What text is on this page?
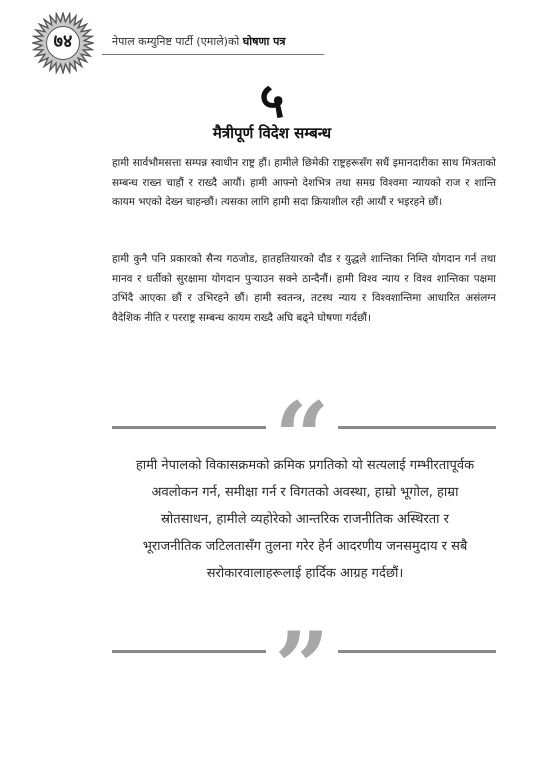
७४	नेपाल कम्युनिष्ट पार्टी (एमाले)को घोषणा पत्र
५
मैत्रीपूर्ण विदेश सम्बन्ध

हामी सार्वभौमसत्ता सम्पन्न स्वाधीन राष्ट्र हौं। हामीले छिमेकी राष्ट्रहरूसँग सधैं इमानदारीका साथ मित्रताको सम्बन्ध राख्न चाहौं र राख्दै आयौं। हामी आफ्नो देशभित्र तथा समग्र विश्वमा न्यायको राज र शान्ति कायम भएको देख्न चाहन्छौं। त्यसका लागि हामी सदा क्रियाशील रही आयौं र भइरहने छौं।

हामी कुनै पनि प्रकारको सैन्य गठजोड, हातहतियारको दौड र युद्धले शान्तिका निम्ति योगदान गर्न तथा मानव र धर्तीको सुरक्षामा योगदान पुऱ्याउन सक्ने ठान्दैनौं। हामी विश्व न्याय र विश्व शान्तिका पक्षमा उभिंदै आएका छौं र उभिरहने छौं। हामी स्वतन्त्र, तटस्थ न्याय र विश्वशान्तिमा आधारित असंलग्न वैदेशिक नीति र परराष्ट्र सम्बन्ध कायम राख्दै अघि बढ्ने घोषणा गर्दछौं।

“

हामी नेपालको विकासक्रमको क्रमिक प्रगतिको यो सत्यलाई गम्भीरतापूर्वक अवलोकन गर्न, समीक्षा गर्न र विगतको अवस्था, हाम्रो भूगोल, हाम्रा स्रोतसाधन, हामीले व्यहोरेको आन्तरिक राजनीतिक अस्थिरता र भूराजनीतिक जटिलतासँग तुलना गरेर हेर्न आदरणीय जनसमुदाय र सबै सरोकारवालाहरूलाई हार्दिक आग्रह गर्दछौं।

”
